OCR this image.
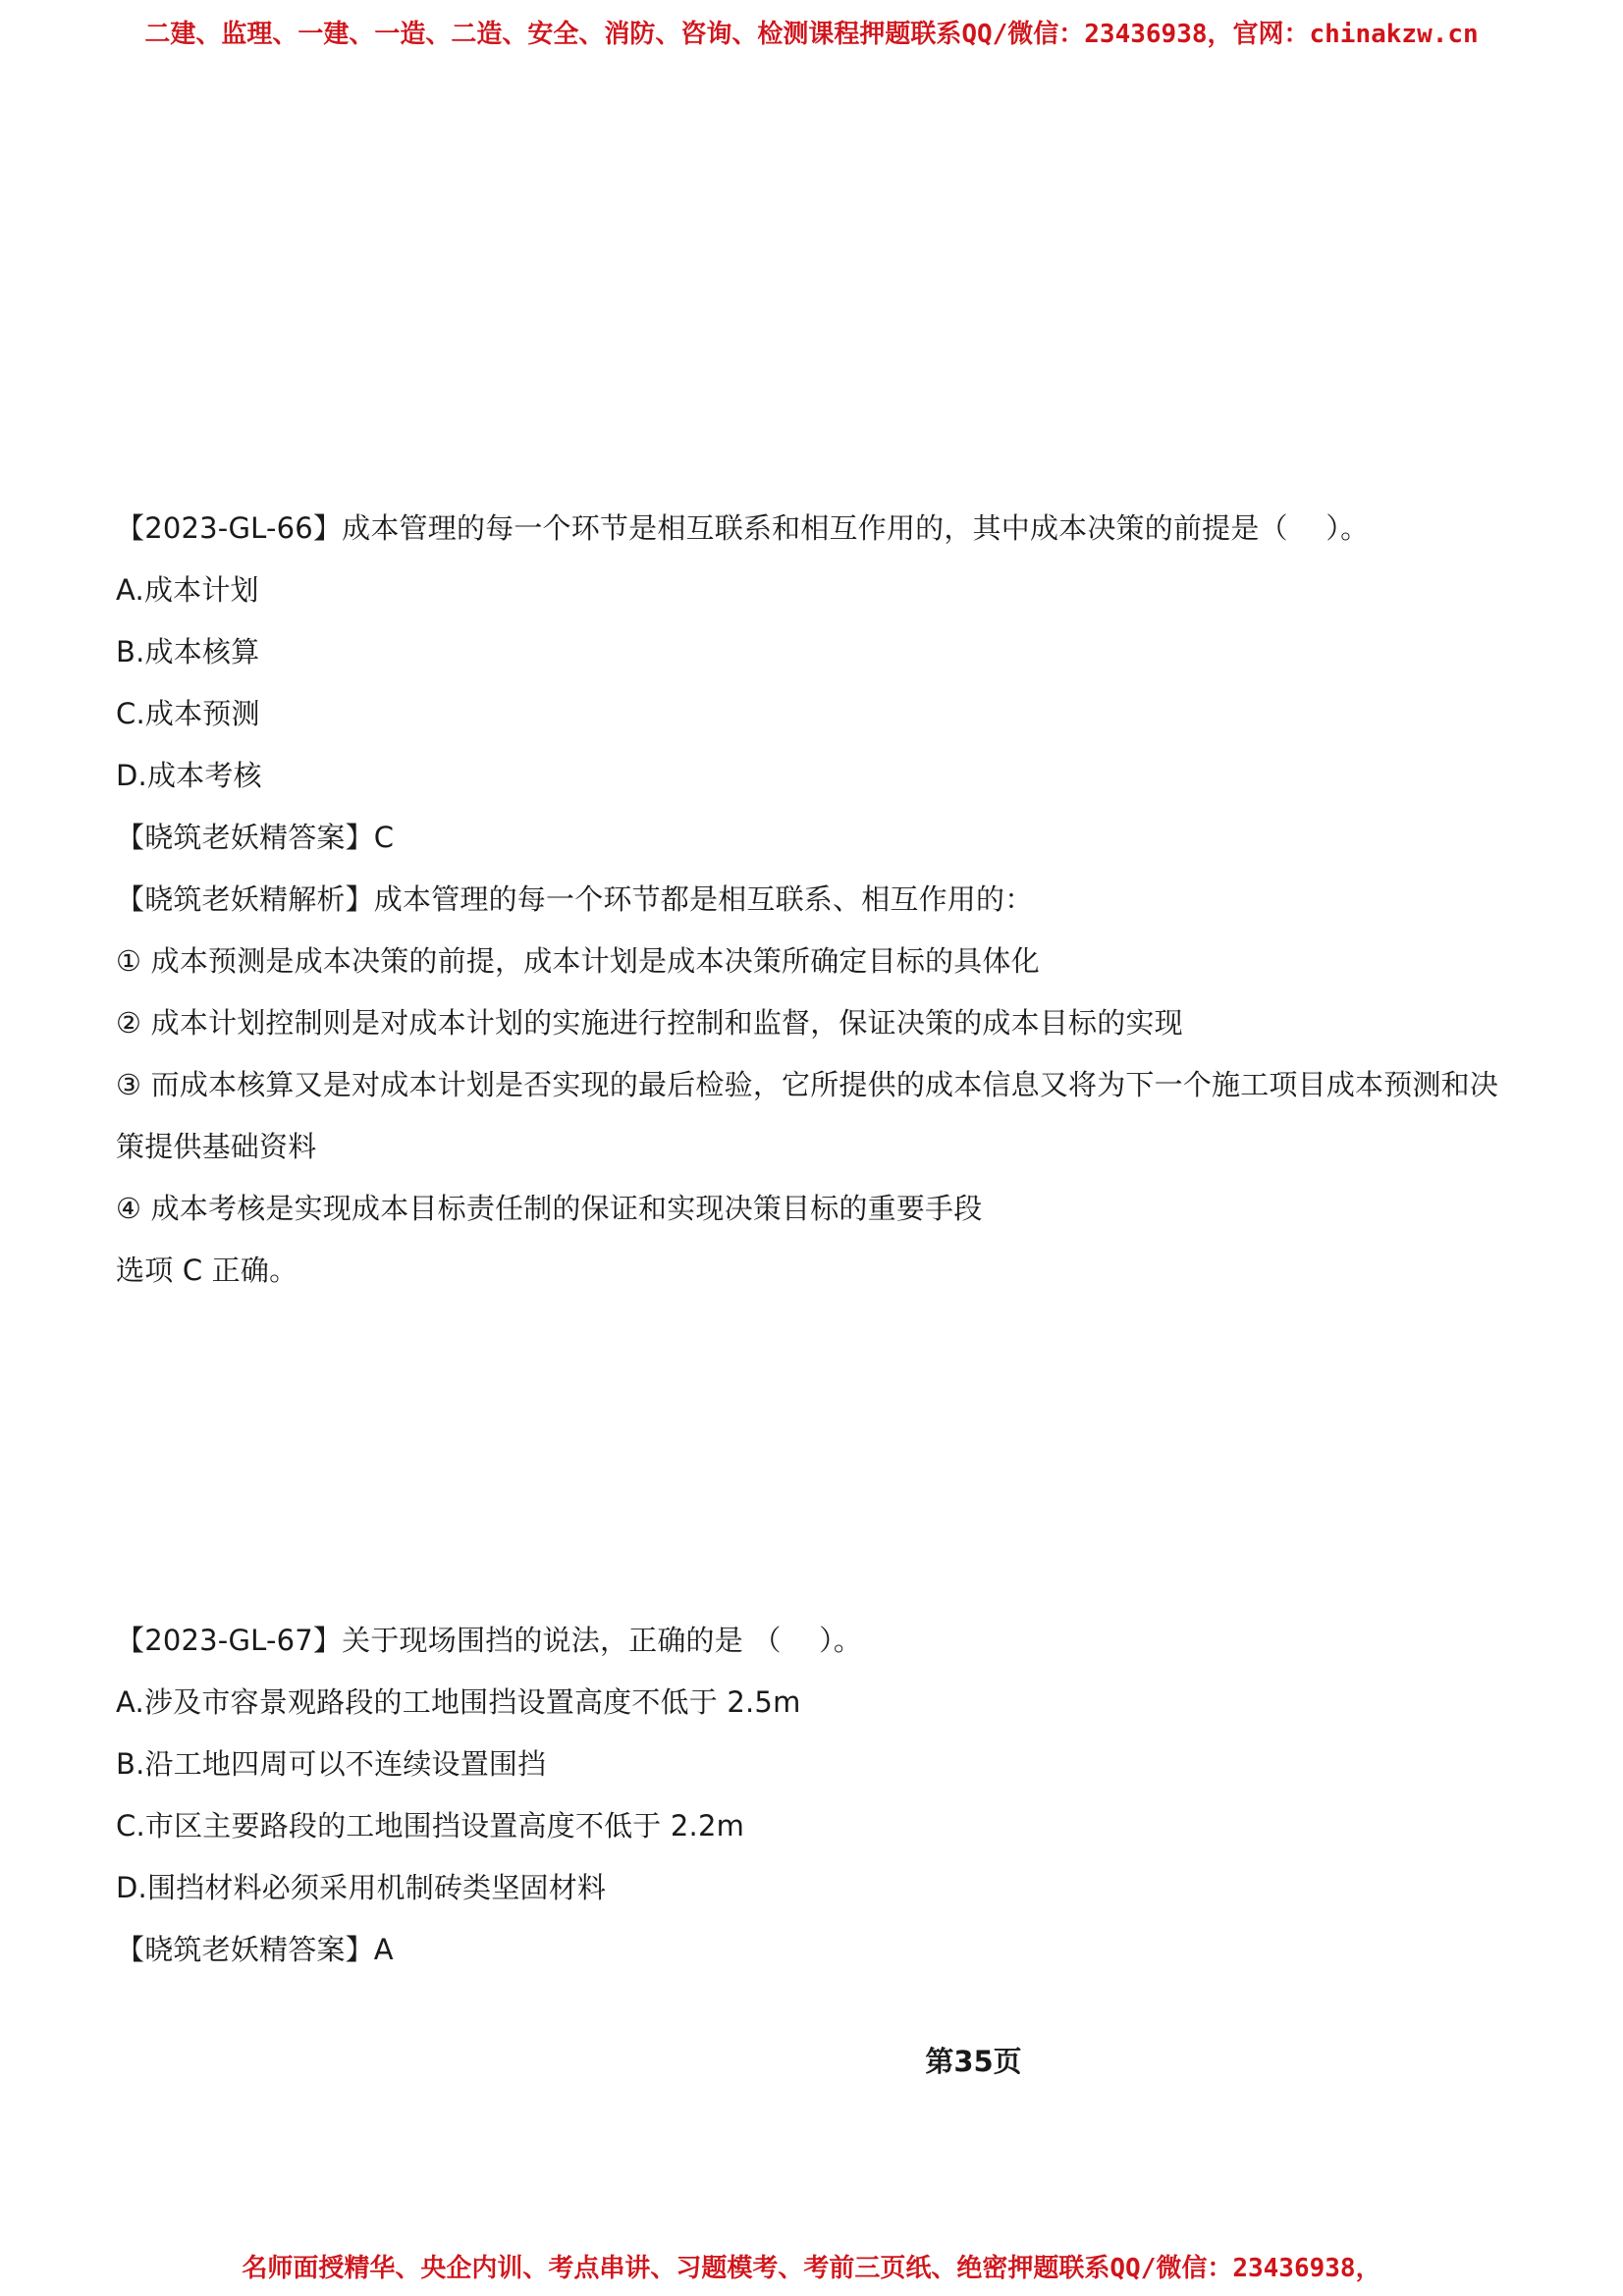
二建、监理、一建、一造、二造、安全、消防、咨询、检测课程押题联系QQ/微信：23436938，官网：chinakzw.cn
【2023-GL-66】成本管理的每一个环节是相互联系和相互作用的，其中成本决策的前提是（　 ）。
A.成本计划
B.成本核算
C.成本预测
D.成本考核
【晓筑老妖精答案】C
【晓筑老妖精解析】成本管理的每一个环节都是相互联系、相互作用的：
① 成本预测是成本决策的前提，成本计划是成本决策所确定目标的具体化
② 成本计划控制则是对成本计划的实施进行控制和监督，保证决策的成本目标的实现
③ 而成本核算又是对成本计划是否实现的最后检验，它所提供的成本信息又将为下一个施工项目成本预测和决
策提供基础资料
④ 成本考核是实现成本目标责任制的保证和实现决策目标的重要手段
选项 C 正确。
【2023-GL-67】关于现场围挡的说法，正确的是 （　 ）。
A.涉及市容景观路段的工地围挡设置高度不低于 2.5m
B.沿工地四周可以不连续设置围挡
C.市区主要路段的工地围挡设置高度不低于 2.2m
D.围挡材料必须采用机制砖类坚固材料
【晓筑老妖精答案】A
第35页
名师面授精华、央企内训、考点串讲、习题模考、考前三页纸、绝密押题联系QQ/微信：23436938，
